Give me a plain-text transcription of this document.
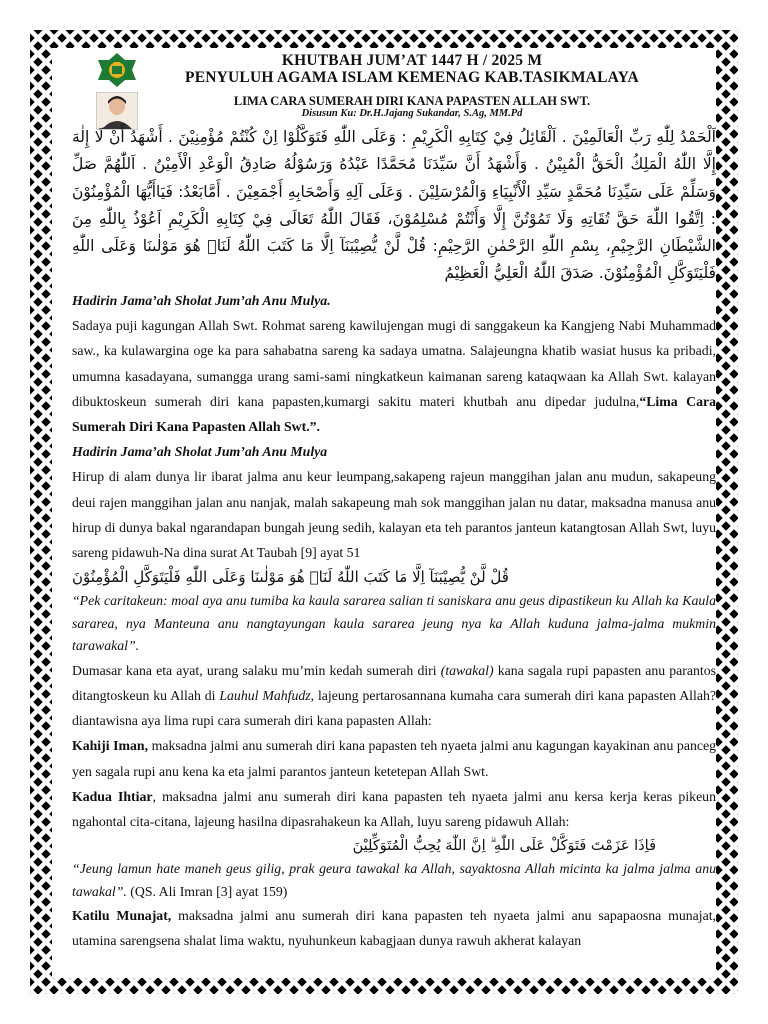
KHUTBAH JUM’AT 1447 H / 2025 M
PENYULUH AGAMA ISLAM KEMENAG KAB.TASIKMALAYA
LIMA CARA SUMERAH DIRI KANA PAPASTEN ALLAH SWT.
Disusun Ku: Dr.H.Jajang Sukandar, S.Ag, MM.Pd
اَلْحَمْدُ لِلّٰهِ رَبِّ الْعَالَمِيْنَ . اَلْقَائِلُ فِيْ كِتَابِهِ الْكَرِيْمِ : وَعَلَى اللّٰهِ فَتَوَكَّلُوْا اِنْ كُنْتُمْ مُؤْمِنِيْنَ . أَشْهَدُ أَنْ لَا إِلٰهَ إِلَّا اللّٰهُ الْمَلِكُ الْحَقُّ الْمُبِيْنُ . وَأَشْهَدُ أَنَّ سَيِّدَنَا مُحَمَّدًا عَبْدُهُ وَرَسُوْلُهُ صَادِقُ الْوَعْدِ الْأَمِيْنُ . اَللّٰهُمَّ صَلِّ وَسَلِّمْ عَلَى سَيِّدِنَا مُحَمَّدٍ سَيِّدِ الْأَنْبِيَاءِ وَالْمُرْسَلِيْنَ . وَعَلَى آلِهِ وَأَصْحَابِهِ أَجْمَعِيْنَ . أَمَّابَعْدُ: فَيَاأَيُّهَا الْمُؤْمِنُوْنَ : اِتَّقُوا اللّٰهَ حَقَّ تُقَاتِهِ وَلَا تَمُوْتُنَّ إِلَّا وَأَنْتُمْ مُسْلِمُوْنَ، فَقَالَ اللّٰهُ تَعَالَى فِيْ كِتَابِهِ الْكَرِيْمِ اَعُوْذُ بِاللّٰهِ مِنَ الشَّيْطَانِ الرَّجِيْمِ، بِسْمِ اللّٰهِ الرَّحْمٰنِ الرَّحِيْمِ: قُلْ لَّنْ يُّصِيْبَنَآ اِلَّا مَا كَتَبَ اللّٰهُ لَنَاۚ هُوَ مَوْلٰىنَا وَعَلَى اللّٰهِ فَلْيَتَوَكَّلِ الْمُؤْمِنُوْنَ. صَدَقَ اللّٰهُ الْعَلِيُّ الْعَظِيْمُ

Hadirin Jama’ah Sholat Jum’ah Anu Mulya.

Sadaya puji kagungan Allah Swt. Rohmat sareng kawilujengan mugi di sanggakeun ka Kangjeng Nabi Muhammad saw., ka kulawargina oge ka para sahabatna sareng ka sadaya umatna. Salajeungna khatib wasiat husus ka pribadi, umumna kasadayana, sumangga urang sami-sami ningkatkeun kaimanan sareng kataqwaan ka Allah Swt. kalayan dibuktoskeun sumerah diri kana papasten,kumargi sakitu materi khutbah anu dipedar judulna,“Lima Cara Sumerah Diri Kana Papasten Allah Swt.”.

Hadirin Jama’ah Sholat Jum’ah Anu Mulya

Hirup di alam dunya lir ibarat jalma anu keur leumpang,sakapeng rajeun manggihan jalan anu mudun, sakapeung deui rajen manggihan jalan anu nanjak, malah sakapeung mah sok manggihan jalan nu datar, maksadna manusa anu hirup di dunya bakal ngarandapan bungah jeung sedih, kalayan eta teh parantos janteun katangtosan Allah Swt, luyu sareng pidawuh-Na dina surat At Taubah [9] ayat 51

قُلْ لَّنْ يُّصِيْبَنَآ اِلَّا مَا كَتَبَ اللّٰهُ لَنَاۚ هُوَ مَوْلٰىنَا وَعَلَى اللّٰهِ فَلْيَتَوَكَّلِ الْمُؤْمِنُوْنَ

“Pek caritakeun: moal aya anu tumiba ka kaula sararea salian ti saniskara anu geus dipastikeun ku Allah ka Kaula sararea, nya Manteuna anu nangtayungan kaula sararea jeung nya ka Allah kuduna jalma-jalma mukmin tarawakal”.

Dumasar kana eta ayat, urang salaku mu’min kedah sumerah diri (tawakal) kana sagala rupi papasten anu parantos ditangtoskeun ku Allah di Lauhul Mahfudz, lajeung pertarosannana kumaha cara sumerah diri kana papasten Allah? diantawisna aya lima rupi cara sumerah diri kana papasten Allah:

Kahiji Iman, maksadna jalmi anu sumerah diri kana papasten teh nyaeta jalmi anu kagungan kayakinan anu panceg yen sagala rupi anu kena ka eta jalmi parantos janteun ketetepan Allah Swt.

Kadua Ihtiar, maksadna jalmi anu sumerah diri kana papasten teh nyaeta jalmi anu kersa kerja keras pikeun ngahontal cita-citana, lajeung hasilna dipasrahakeun ka Allah, luyu sareng pidawuh Allah:

فَاِذَا عَزَمْتَ فَتَوَكَّلْ عَلَى اللّٰهِ ۗ اِنَّ اللّٰهَ يُحِبُّ الْمُتَوَكِّلِيْنَ

“Jeung lamun hate maneh geus gilig, prak geura tawakal ka Allah, sayaktosna Allah micinta ka jalma jalma anu tawakal”. (QS. Ali Imran [3] ayat 159)

Katilu Munajat, maksadna jalmi anu sumerah diri kana papasten teh nyaeta jalmi anu sapapaosna munajat, utamina sarengsena shalat lima waktu, nyuhunkeun kabagjaan dunya rawuh akherat kalayan
